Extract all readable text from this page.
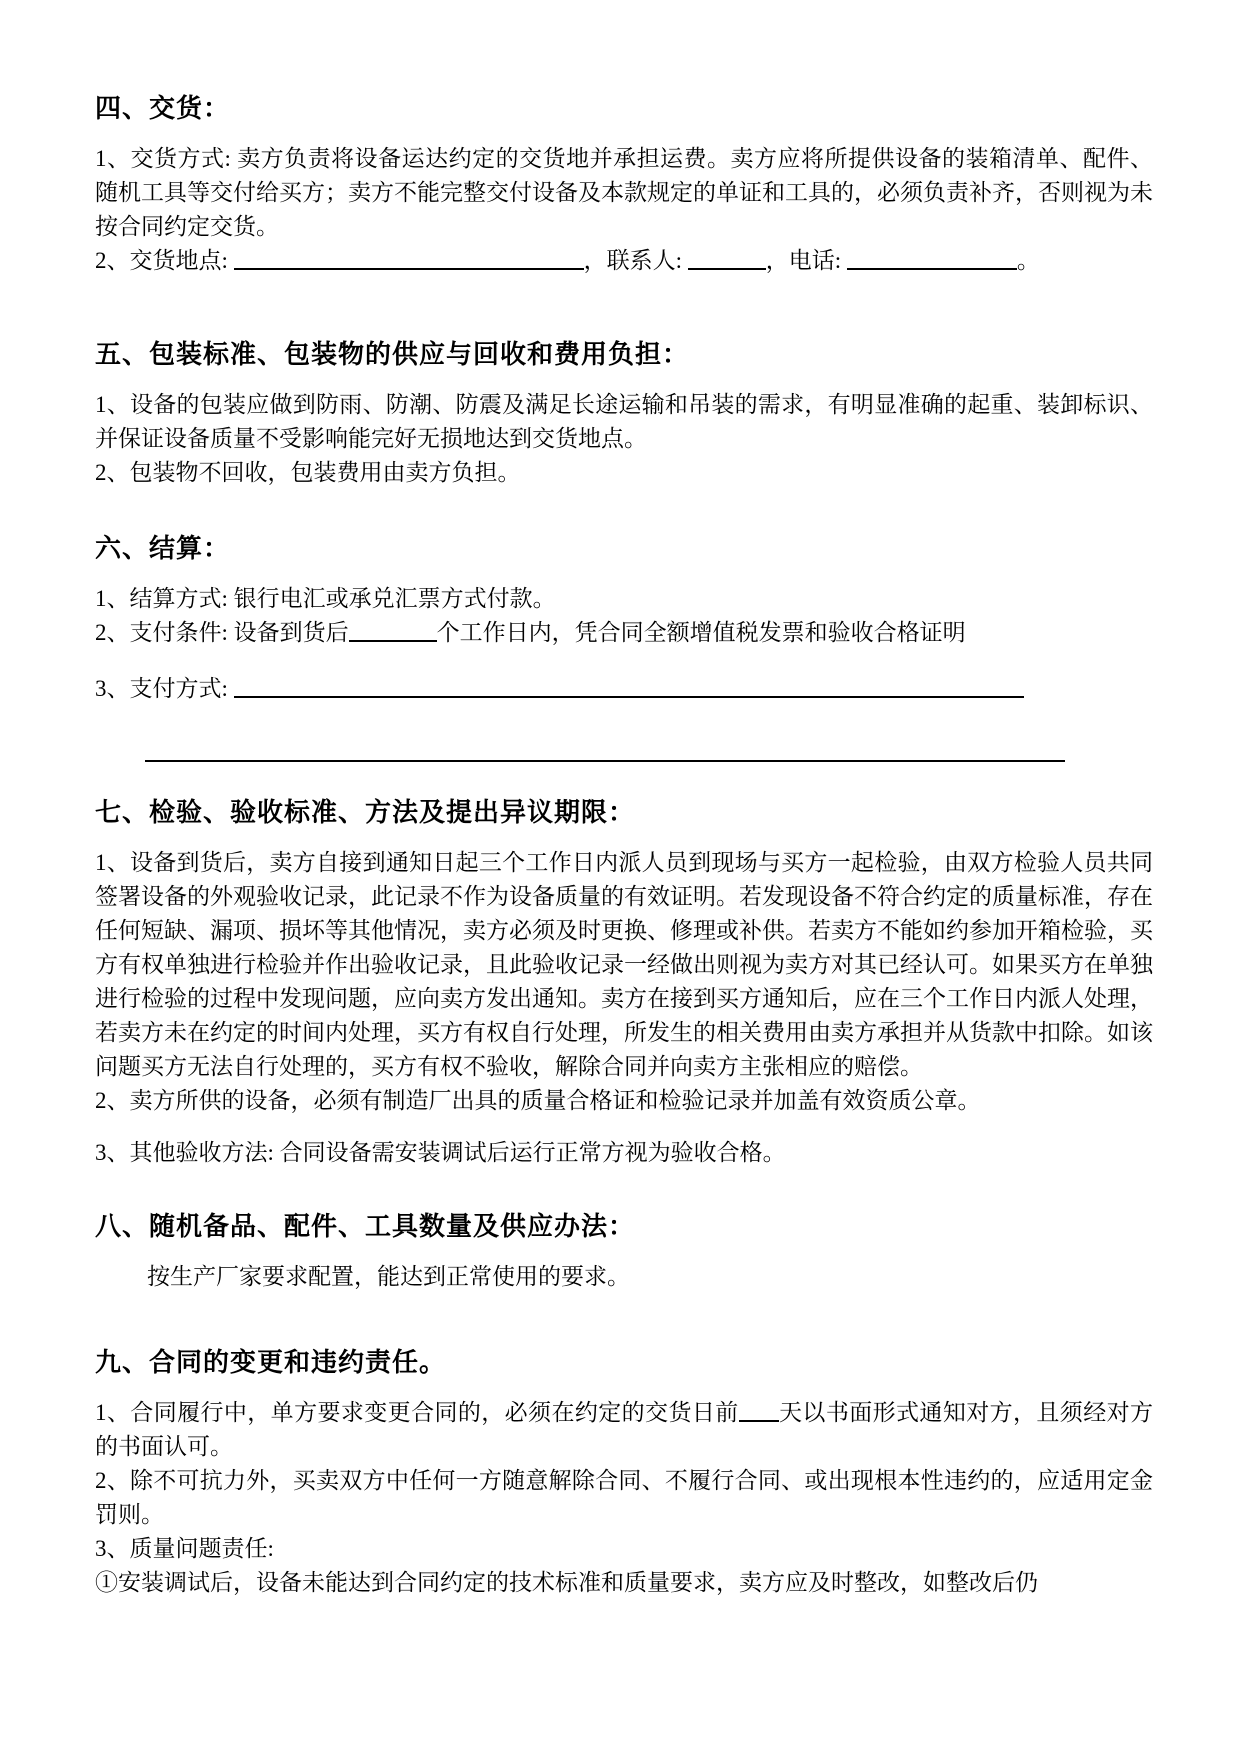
四、交货：

1、交货方式: 卖方负责将设备运达约定的交货地并承担运费。卖方应将所提供设备的装箱清单、配件、随机工具等交付给买方；卖方不能完整交付设备及本款规定的单证和工具的，必须负责补齐，否则视为未按合同约定交货。

2、交货地点:	，联系人:	，电话:	。

五、包装标准、包装物的供应与回收和费用负担：

1、设备的包装应做到防雨、防潮、防震及满足长途运输和吊装的需求，有明显准确的起重、装卸标识、并保证设备质量不受影响能完好无损地达到交货地点。

2、包装物不回收，包装费用由卖方负担。

六、结算：

1、结算方式: 银行电汇或承兑汇票方式付款。

2、支付条件: 设备到货后	个工作日内，凭合同全额增值税发票和验收合格证明

3、支付方式:

七、检验、验收标准、方法及提出异议期限：

1、设备到货后，卖方自接到通知日起三个工作日内派人员到现场与买方一起检验，由双方检验人员共同签署设备的外观验收记录，此记录不作为设备质量的有效证明。若发现设备不符合约定的质量标准，存在任何短缺、漏项、损坏等其他情况，卖方必须及时更换、修理或补供。若卖方不能如约参加开箱检验，买方有权单独进行检验并作出验收记录，且此验收记录一经做出则视为卖方对其已经认可。如果买方在单独进行检验的过程中发现问题，应向卖方发出通知。卖方在接到买方通知后，应在三个工作日内派人处理，若卖方未在约定的时间内处理，买方有权自行处理，所发生的相关费用由卖方承担并从货款中扣除。如该问题买方无法自行处理的，买方有权不验收，解除合同并向卖方主张相应的赔偿。

2、卖方所供的设备，必须有制造厂出具的质量合格证和检验记录并加盖有效资质公章。

3、其他验收方法: 合同设备需安装调试后运行正常方视为验收合格。

八、随机备品、配件、工具数量及供应办法：

按生产厂家要求配置，能达到正常使用的要求。

九、合同的变更和违约责任。

1、合同履行中，单方要求变更合同的，必须在约定的交货日前 天以书面形式通知对方，且须经对方的书面认可。

2、除不可抗力外，买卖双方中任何一方随意解除合同、不履行合同、或出现根本性违约的，应适用定金罚则。

3、质量问题责任:

①安装调试后，设备未能达到合同约定的技术标准和质量要求，卖方应及时整改，如整改后仍
